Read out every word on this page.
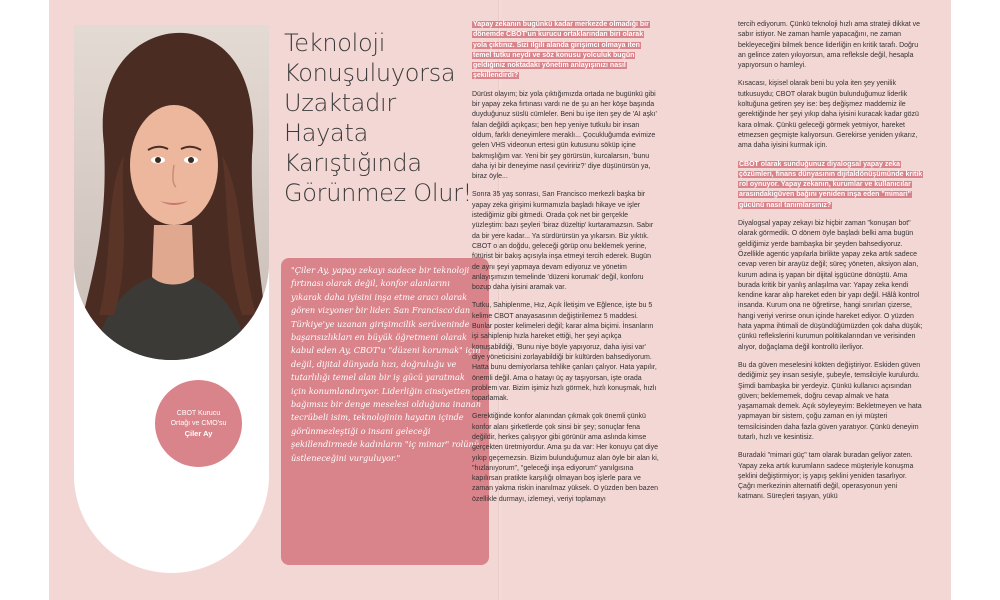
CBOT Kurucu
Ortağı ve CMO'su
Çiler Ay
Teknoloji
Konuşuluyorsa
Uzaktadır
Hayata
Karıştığında
Görünmez Olur!
"Çiler Ay, yapay zekayı sadece bir teknoloji fırtınası olarak değil, konfor alanlarını yıkarak daha iyisini inşa etme aracı olarak gören vizyoner bir lider. San Francisco'dan Türkiye'ye uzanan girişimcilik serüveninde başarısızlıkları en büyük öğretmeni olarak kabul eden Ay, CBOT'u "düzeni korumak" için değil, dijital dünyada hızı, doğruluğu ve tutarlılığı temel alan bir iş gücü yaratmak için konumlandırıyor. Liderliğin cinsiyetten bağımsız bir denge meselesi olduğuna inanan tecrübeli isim, teknolojinin hayatın içinde görünmezleştiği o insani geleceği şekillendirmede kadınların "iç mimar" rolünü üstleneceğini vurguluyor."

Yapay zekanın bugünkü kadar merkezde olmadığı bir dönemde CBOT'un kurucu ortaklarından biri olarak yola çıktınız. Sizi ilgili alanda girişimci olmaya iten temel tutku neydi ve söz konusu yolculuk bugün geldiğiniz noktadaki yönetim anlayışınızı nasıl şekillendirdi?

Dürüst olayım; biz yola çıktığımızda ortada ne bugünkü gibi bir yapay zeka fırtınası vardı ne de şu an her köşe başında duyduğunuz süslü cümleler. Beni bu işe iten şey de 'AI aşkı' falan değildi açıkçası; ben hep yeniye tutkulu bir insan oldum, farklı deneyimlere meraklı... Çocukluğumda evimize gelen VHS videonun ertesi gün kutusunu söküp içine bakmışlığım var. Yeni bir şey görürsün, kurcalarsın, 'bunu daha iyi bir deneyime nasıl çeviririz?' diye düşünürsün ya, biraz öyle...

Sonra 35 yaş sonrası, San Francisco merkezli başka bir yapay zeka girişimi kurmamızla başladı hikaye ve işler istediğimiz gibi gitmedi. Orada çok net bir gerçekle yüzleştim: bazı şeyleri 'biraz düzeltip' kurtaramazsın. Sabır da bir yere kadar... Ya sürdürürsün ya yıkarsın. Biz yıktık. CBOT o an doğdu, geleceği görüp onu beklemek yerine, fütürist bir bakış açısıyla inşa etmeyi tercih ederek. Bugün de aynı şeyi yapmaya devam ediyoruz ve yönetim anlayışımızın temelinde 'düzeni korumak' değil, konforu bozup daha iyisini aramak var.

Tutku, Sahiplenme, Hız, Açık İletişim ve Eğlence, işte bu 5 kelime CBOT anayasasının değiştirilemez 5 maddesi. Bunlar poster kelimeleri değil; karar alma biçimi. İnsanların işi sahiplenip hızla hareket ettiği, her şeyi açıkça konuşabildiği, 'Bunu niye böyle yapıyoruz, daha iyisi var' diye yöneticisini zorlayabildiği bir kültürden bahsediyorum. Hatta bunu demiyorlarsa tehlike çanları çalıyor. Hata yapılır, önemli değil. Ama o hatayı üç ay taşıyorsan, işte orada problem var. Bizim işimiz hızlı görmek, hızlı konuşmak, hızlı toparlamak.

Gerektiğinde konfor alanından çıkmak çok önemli çünkü konfor alanı şirketlerde çok sinsi bir şey; sonuçlar fena değildir, herkes çalışıyor gibi görünür ama aslında kimse gerçekten üretmiyordur. Ama şu da var: Her konuyu çat diye yıkıp geçemezsin. Bizim bulunduğumuz alan öyle bir alan ki, "hızlanıyorum", "geleceği inşa ediyorum" yanılgısına kapılırsan pratikte karşılığı olmayan boş işlerle para ve zaman yakma riskin inanılmaz yüksek. O yüzden ben bazen özellikle durmayı, izlemeyi, veriyi toplamayı

tercih ediyorum. Çünkü teknoloji hızlı ama strateji dikkat ve sabır istiyor. Ne zaman hamle yapacağını, ne zaman bekleyeceğini bilmek bence liderliğin en kritik tarafı. Doğru an gelince zaten yıkıyorsun, ama refleksle değil, hesapla yapıyorsun o hamleyi.

Kısacası, kişisel olarak beni bu yola iten şey yenilik tutkusuydu; CBOT olarak bugün bulunduğumuz liderlik koltuğuna getiren şey ise: beş değişmez maddemiz ile gerektiğinde her şeyi yıkıp daha iyisini kuracak kadar gözü kara olmak. Çünkü geleceği görmek yetmiyor, hareket etmezsen geçmişte kalıyorsun. Gerekirse yeniden yıkarız, ama daha iyisini kurmak için.

CBOT olarak sunduğunuz diyalogsal yapay zeka çözümleri, finans dünyasının dijitaldönüşümünde kritik rol oynuyor. Yapay zekanın, kurumlar ve kullanıcılar arasındakigüven bağını yeniden inşa eden "mimari" gücünü nasıl tanımlarsınız?

Diyalogsal yapay zekayı biz hiçbir zaman "konuşan bot" olarak görmedik. O dönem öyle başladı belki ama bugün geldiğimiz yerde bambaşka bir şeyden bahsediyoruz. Özellikle agentic yapılarla birlikte yapay zeka artık sadece cevap veren bir arayüz değil; süreç yöneten, aksiyon alan, kurum adına iş yapan bir dijital işgücüne dönüştü. Ama burada kritik bir yanlış anlaşılma var: Yapay zeka kendi kendine karar alıp hareket eden bir yapı değil. Hâlâ kontrol insanda. Kurum ona ne öğretirse, hangi sınırları çizerse, hangi veriyi verirse onun içinde hareket ediyor. O yüzden hata yapma ihtimali de düşündüğümüzden çok daha düşük; çünkü reflekslerini kurumun politikalarından ve verisinden alıyor, doğaçlama değil kontrollü ilerliyor.

Bu da güven meselesini kökten değiştiriyor. Eskiden güven dediğimiz şey insan sesiyle, şubeyle, temsilciyle kurulurdu. Şimdi bambaşka bir yerdeyiz. Çünkü kullanıcı açısından güven; beklememek, doğru cevap almak ve hata yaşamamak demek. Açık söyleyeyim: Bekletmeyen ve hata yapmayan bir sistem, çoğu zaman en iyi müşteri temsilcisinden daha fazla güven yaratıyor. Çünkü deneyim tutarlı, hızlı ve kesintisiz.

Buradaki "mimari güç" tam olarak buradan geliyor zaten. Yapay zeka artık kurumların sadece müşteriyle konuşma şeklini değiştirmiyor; iş yapış şeklini yeniden tasarlıyor. Çağrı merkezinin alternatifi değil, operasyonun yeni katmanı. Süreçleri taşıyan, yükü
